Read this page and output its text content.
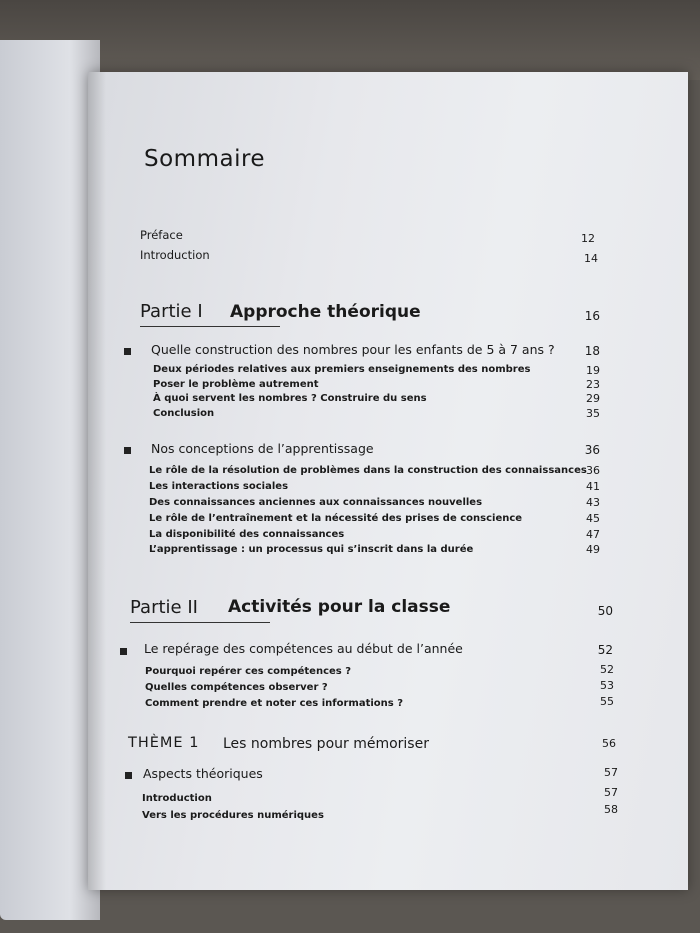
Sommaire
Préface	12
Introduction	14
Partie I Approche théorique	16
Quelle construction des nombres pour les enfants de 5 à 7 ans ?	18
Deux périodes relatives aux premiers enseignements des nombres	19
Poser le problème autrement	23
À quoi servent les nombres ? Construire du sens	29
Conclusion	35
Nos conceptions de l’apprentissage	36
Le rôle de la résolution de problèmes dans la construction des connaissances 36
Les interactions sociales	41
Des connaissances anciennes aux connaissances nouvelles	43
Le rôle de l’entraînement et la nécessité des prises de conscience	45
La disponibilité des connaissances	47
L’apprentissage : un processus qui s’inscrit dans la durée	49
Partie II Activités pour la classe	50
Le repérage des compétences au début de l’année	52
Pourquoi repérer ces compétences ?	52
Quelles compétences observer ?	53
Comment prendre et noter ces informations ?	55
THÈME 1 Les nombres pour mémoriser	56
Aspects théoriques	57
Introduction	57
Vers les procédures numériques	58
